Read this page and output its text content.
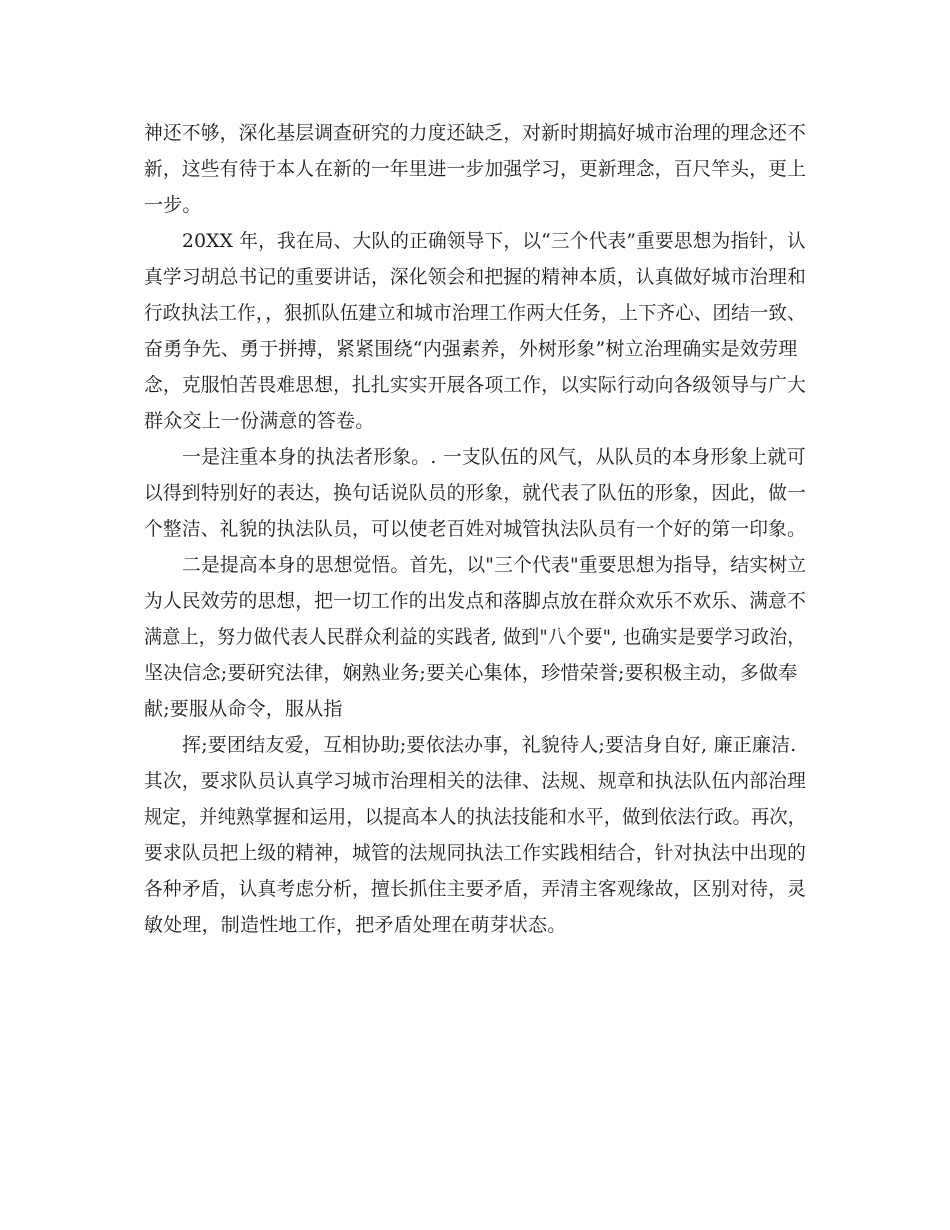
神还不够，深化基层调查研究的力度还缺乏，对新时期搞好城市治理的理念还不
新，这些有待于本人在新的一年里进一步加强学习，更新理念，百尺竿头，更上
一步。
20XX 年，我在局、大队的正确领导下，以“三个代表”重要思想为指针，认
真学习胡总书记的重要讲话，深化领会和把握的精神本质，认真做好城市治理和
行政执法工作，，狠抓队伍建立和城市治理工作两大任务，上下齐心、团结一致、
奋勇争先、勇于拼搏，紧紧围绕“内强素养，外树形象”树立治理确实是效劳理
念，克服怕苦畏难思想，扎扎实实开展各项工作，以实际行动向各级领导与广大
群众交上一份满意的答卷。
一是注重本身的执法者形象。. 一支队伍的风气，从队员的本身形象上就可
以得到特别好的表达，换句话说队员的形象，就代表了队伍的形象，因此，做一
个整洁、礼貌的执法队员，可以使老百姓对城管执法队员有一个好的第一印象。
二是提高本身的思想觉悟。首先，以"三个代表"重要思想为指导，结实树立
为人民效劳的思想，把一切工作的出发点和落脚点放在群众欢乐不欢乐、满意不
满意上，努力做代表人民群众利益的实践者, 做到"八个要", 也确实是要学习政治，
坚决信念;要研究法律，娴熟业务;要关心集体，珍惜荣誉;要积极主动，多做奉
献;要服从命令，服从指
挥;要团结友爱，互相协助;要依法办事，礼貌待人;要洁身自好, 廉正廉洁.
其次，要求队员认真学习城市治理相关的法律、法规、规章和执法队伍内部治理
规定，并纯熟掌握和运用，以提高本人的执法技能和水平，做到依法行政。再次，
要求队员把上级的精神，城管的法规同执法工作实践相结合，针对执法中出现的
各种矛盾，认真考虑分析，擅长抓住主要矛盾，弄清主客观缘故，区别对待，灵
敏处理，制造性地工作，把矛盾处理在萌芽状态。
